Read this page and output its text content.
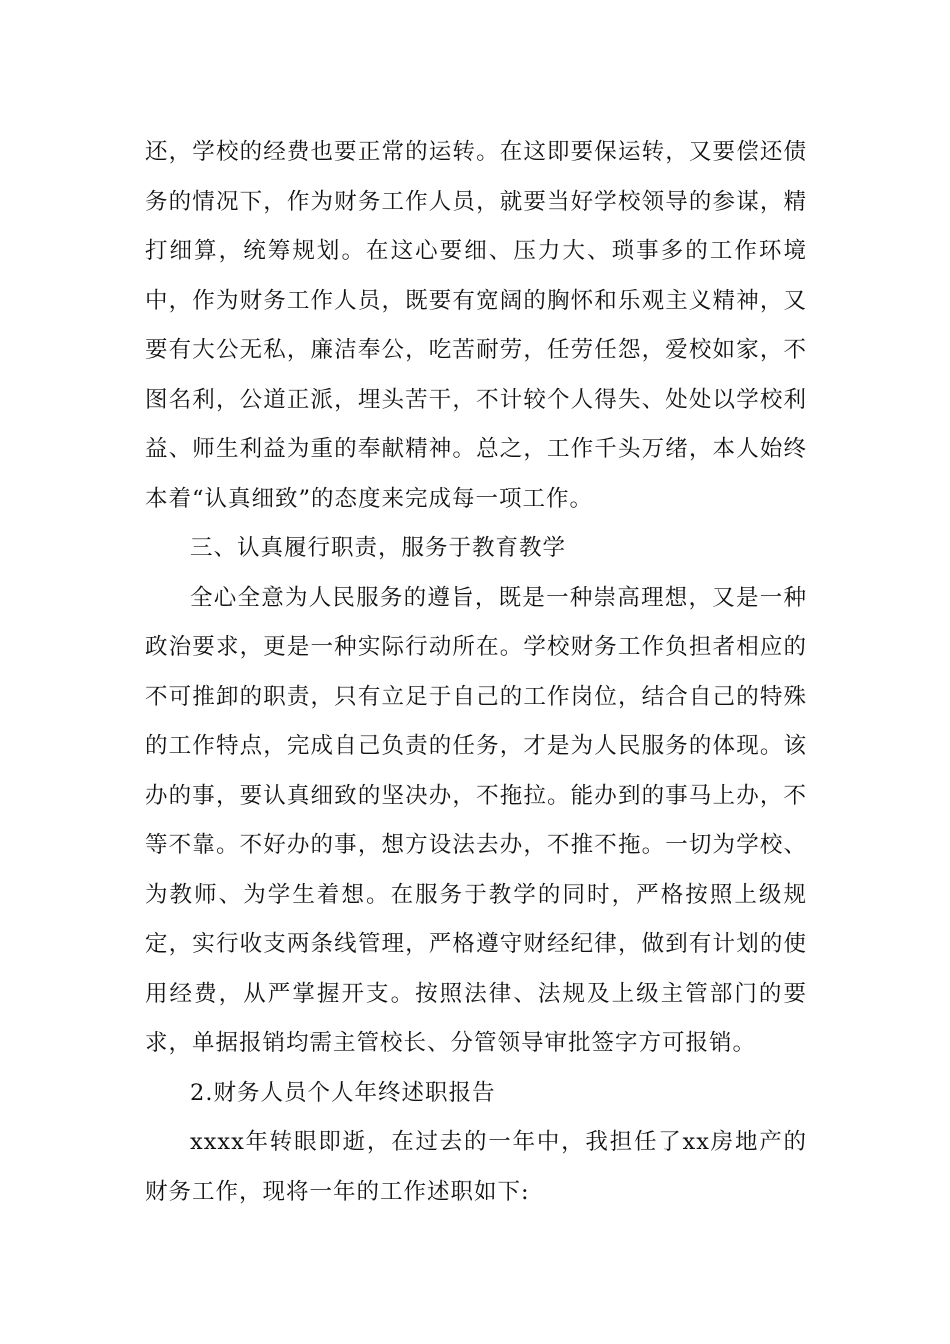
还，学校的经费也要正常的运转。在这即要保运转，又要偿还债务的情况下，作为财务工作人员，就要当好学校领导的参谋，精打细算，统筹规划。在这心要细、压力大、琐事多的工作环境中，作为财务工作人员，既要有宽阔的胸怀和乐观主义精神，又要有大公无私，廉洁奉公，吃苦耐劳，任劳任怨，爱校如家，不图名利，公道正派，埋头苦干，不计较个人得失、处处以学校利益、师生利益为重的奉献精神。总之，工作千头万绪，本人始终本着“认真细致”的态度来完成每一项工作。

三、认真履行职责，服务于教育教学

全心全意为人民服务的遵旨，既是一种崇高理想，又是一种政治要求，更是一种实际行动所在。学校财务工作负担者相应的不可推卸的职责，只有立足于自己的工作岗位，结合自己的特殊的工作特点，完成自己负责的任务，才是为人民服务的体现。该办的事，要认真细致的坚决办，不拖拉。能办到的事马上办，不等不靠。不好办的事，想方设法去办，不推不拖。一切为学校、为教师、为学生着想。在服务于教学的同时，严格按照上级规定，实行收支两条线管理，严格遵守财经纪律，做到有计划的使用经费，从严掌握开支。按照法律、法规及上级主管部门的要求，单据报销均需主管校长、分管领导审批签字方可报销。

2.财务人员个人年终述职报告

xxxx年转眼即逝，在过去的一年中，我担任了xx房地产的财务工作，现将一年的工作述职如下:
